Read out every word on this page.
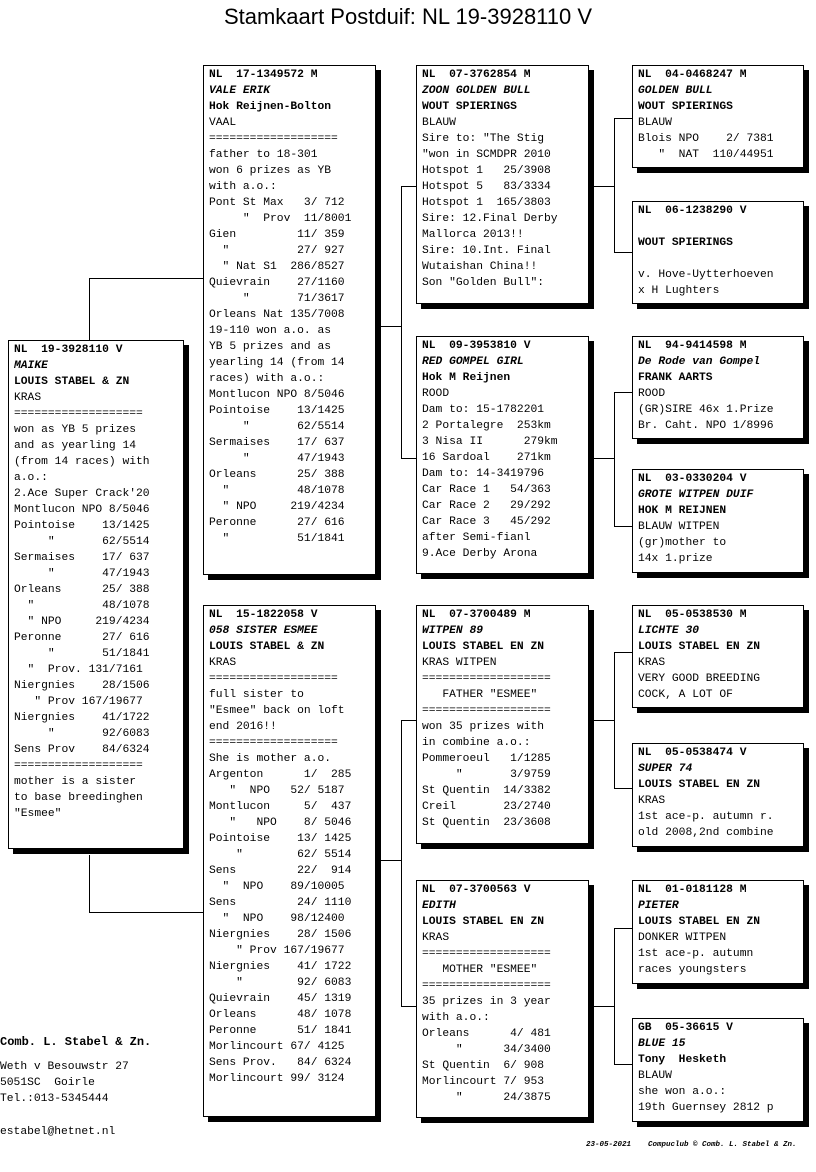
Stamkaart Postduif: NL 19-3928110 V
NL  19-3928110 V
MAIKE
LOUIS STABEL & ZN
KRAS
===================
won as YB 5 prizes
and as yearling 14
(from 14 races) with
a.o.:
2.Ace Super Crack'20
Montlucon NPO 8/5046
Pointoise    13/1425
"       62/5514
Sermaises    17/ 637
"       47/1943
Orleans      25/ 388
"          48/1078
" NPO     219/4234
Peronne      27/ 616
"       51/1841
"  Prov. 131/7161
Niergnies    28/1506
" Prov 167/19677
Niergnies    41/1722
"       92/6083
Sens Prov    84/6324
===================
mother is a sister
to base breedinghen
"Esmee"
NL  17-1349572 M
VALE ERIK
Hok Reijnen-Bolton
VAAL
===================
father to 18-301
won 6 prizes as YB
with a.o.:
Pont St Max   3/ 712
"  Prov  11/8001
Gien         11/ 359
"          27/ 927
" Nat S1  286/8527
Quievrain    27/1160
"       71/3617
Orleans Nat 135/7008
19-110 won a.o. as
YB 5 prizes and as
yearling 14 (from 14
races) with a.o.:
Montlucon NPO 8/5046
Pointoise    13/1425
"       62/5514
Sermaises    17/ 637
"       47/1943
Orleans      25/ 388
"          48/1078
" NPO     219/4234
Peronne      27/ 616
"          51/1841
NL  15-1822058 V
058 SISTER ESMEE
LOUIS STABEL & ZN
KRAS
===================
full sister to
"Esmee" back on loft
end 2016!!
===================
She is mother a.o.
Argenton      1/  285
"  NPO   52/ 5187
Montlucon     5/  437
"   NPO    8/ 5046
Pointoise    13/ 1425
"        62/ 5514
Sens         22/  914
"  NPO    89/10005
Sens         24/ 1110
"  NPO    98/12400
Niergnies    28/ 1506
" Prov 167/19677
Niergnies    41/ 1722
"        92/ 6083
Quievrain    45/ 1319
Orleans      48/ 1078
Peronne      51/ 1841
Morlincourt 67/ 4125
Sens Prov.   84/ 6324
Morlincourt 99/ 3124
NL  07-3762854 M
ZOON GOLDEN BULL
WOUT SPIERINGS
BLAUW
Sire to: "The Stig
"won in SCMDPR 2010
Hotspot 1   25/3908
Hotspot 5   83/3334
Hotspot 1  165/3803
Sire: 12.Final Derby
Mallorca 2013!!
Sire: 10.Int. Final
Wutaishan China!!
Son "Golden Bull":
NL  09-3953810 V
RED GOMPEL GIRL
Hok M Reijnen
ROOD
Dam to: 15-1782201
2 Portalegre  253km
3 Nisa II      279km
16 Sardoal    271km
Dam to: 14-3419796
Car Race 1   54/363
Car Race 2   29/292
Car Race 3   45/292
after Semi-fianl
9.Ace Derby Arona
NL  07-3700489 M
WITPEN 89
LOUIS STABEL EN ZN
KRAS WITPEN
===================
FATHER "ESMEE"
===================
won 35 prizes with
in combine a.o.:
Pommeroeul   1/1285
"       3/9759
St Quentin  14/3382
Creil       23/2740
St Quentin  23/3608
NL  07-3700563 V
EDITH
LOUIS STABEL EN ZN
KRAS
===================
MOTHER "ESMEE"
===================
35 prizes in 3 year
with a.o.:
Orleans      4/ 481
"      34/3400
St Quentin  6/ 908
Morlincourt 7/ 953
"      24/3875
NL  04-0468247 M
GOLDEN BULL
WOUT SPIERINGS
BLAUW
Blois NPO    2/ 7381
"  NAT  110/44951
NL  06-1238290 V
WOUT SPIERINGS
v. Hove-Uytterhoeven
x H Lughters
NL  94-9414598 M
De Rode van Gompel
FRANK AARTS
ROOD
(GR)SIRE 46x 1.Prize
Br. Caht. NPO 1/8996
NL  03-0330204 V
GROTE WITPEN DUIF
HOK M REIJNEN
BLAUW WITPEN
(gr)mother to
14x 1.prize
NL  05-0538530 M
LICHTE 30
LOUIS STABEL EN ZN
KRAS
VERY GOOD BREEDING
COCK, A LOT OF
NL  05-0538474 V
SUPER 74
LOUIS STABEL EN ZN
KRAS
1st ace-p. autumn r.
old 2008,2nd combine
NL  01-0181128 M
PIETER
LOUIS STABEL EN ZN
DONKER WITPEN
1st ace-p. autumn
races youngsters
GB  05-36615 V
BLUE 15
Tony  Hesketh
BLAUW
she won a.o.:
19th Guernsey 2812 p
Comb. L. Stabel & Zn.
Weth v Besouwstr 27
5051SC  Goirle
Tel.:013-5345444
estabel@hetnet.nl
23-05-2021 Compuclub © Comb. L. Stabel & Zn.
